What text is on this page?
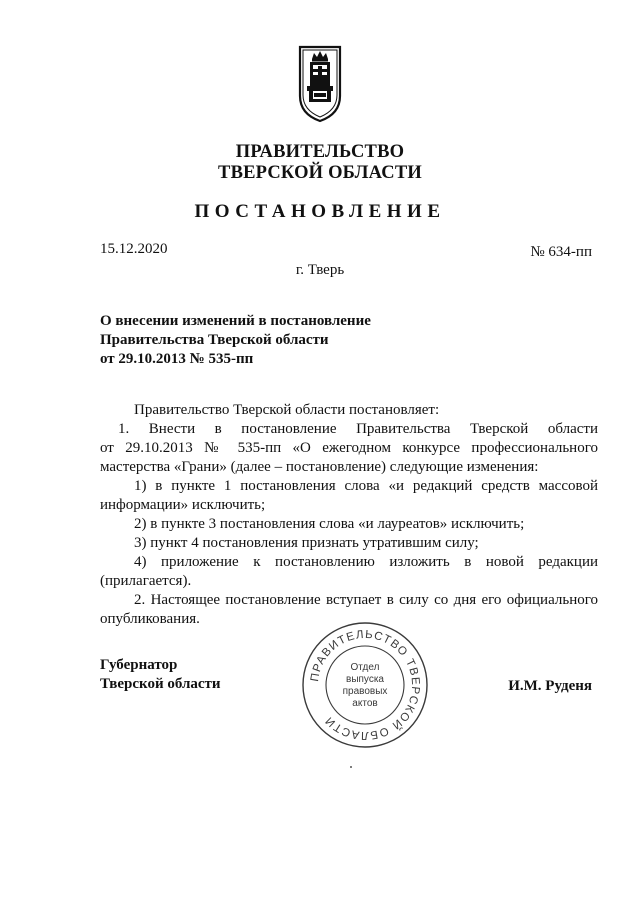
ПРАВИТЕЛЬСТВО
ТВЕРСКОЙ ОБЛАСТИ
ПОСТАНОВЛЕНИЕ
15.12.2020	№ 634-пп
г. Тверь
О внесении изменений в постановление
Правительства Тверской области
от 29.10.2013 № 535-пп
Правительство Тверской области постановляет:
1. Внести в постановление Правительства Тверской области
от 29.10.2013 № 535-пп «О ежегодном конкурсе профессионального
мастерства «Грани» (далее – постановление) следующие изменения:
1) в пункте 1 постановления слова «и редакций средств массовой
информации» исключить;
2) в пункте 3 постановления слова «и лауреатов» исключить;
3) пункт 4 постановления признать утратившим силу;
4) приложение к постановлению изложить в новой редакции
(прилагается).
2. Настоящее постановление вступает в силу со дня его официального
опубликования.
Губернатор
Тверской области	И.М. Руденя
ПРАВИТЕЛЬСТВО ТВЕРСКОЙ ОБЛАСТИ
Отдел
выпуска
правовых
актов
